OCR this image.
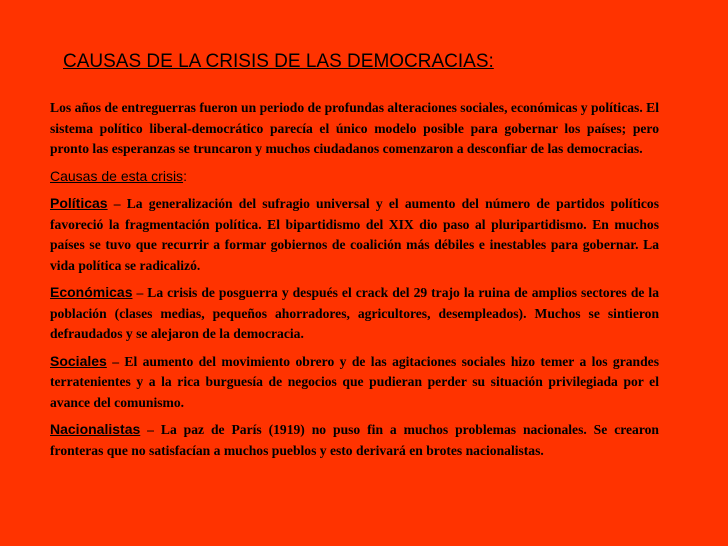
CAUSAS DE LA CRISIS DE LAS DEMOCRACIAS:

Los años de entreguerras fueron un periodo de profundas alteraciones sociales, económicas y políticas. El sistema político liberal-democrático parecía el único modelo posible para gobernar los países; pero pronto las esperanzas se truncaron y muchos ciudadanos comenzaron a desconfiar de las democracias.

Causas de esta crisis:

Políticas – La generalización del sufragio universal y el aumento del número de partidos políticos favoreció la fragmentación política. El bipartidismo del XIX dio paso al pluripartidismo. En muchos países se tuvo que recurrir a formar gobiernos de coalición más débiles e inestables para gobernar. La vida política se radicalizó.

Económicas – La crisis de posguerra y después el crack del 29 trajo la ruina de amplios sectores de la población (clases medias, pequeños ahorradores, agricultores, desempleados). Muchos se sintieron defraudados y se alejaron de la democracia.

Sociales – El aumento del movimiento obrero y de las agitaciones sociales hizo temer a los grandes terratenientes y a la rica burguesía de negocios que pudieran perder su situación privilegiada por el avance del comunismo.

Nacionalistas – La paz de París (1919) no puso fin a muchos problemas nacionales. Se crearon fronteras que no satisfacían a muchos pueblos y esto derivará en brotes nacionalistas.
